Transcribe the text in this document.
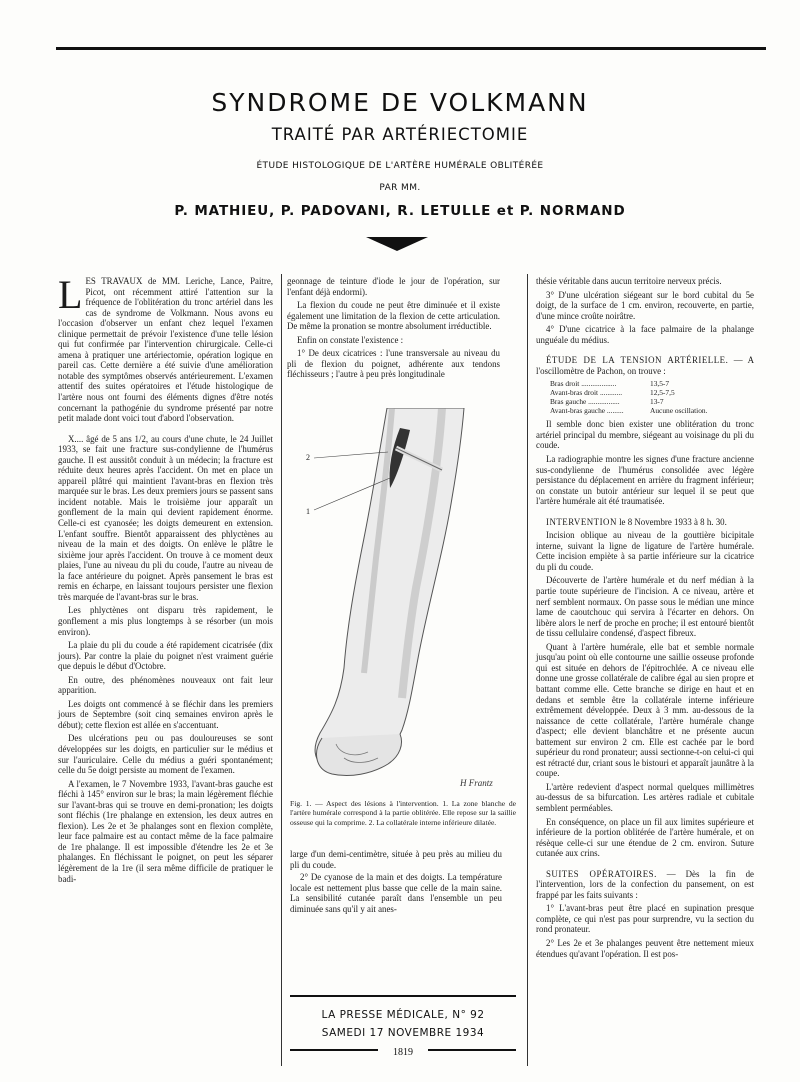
SYNDROME DE VOLKMANN
TRAITÉ PAR ARTÉRIECTOMIE
ÉTUDE HISTOLOGIQUE DE L'ARTÈRE HUMÉRALE OBLITÉRÉE
PAR MM.
P. MATHIEU, P. PADOVANI, R. LETULLE et P. NORMAND

LES TRAVAUX de MM. Leriche, Lance, Paitre, Picot, ont récemment attiré l'attention sur la fréquence de l'oblitération du tronc artériel dans les cas de syndrome de Volkmann. Nous avons eu l'occasion d'observer un enfant chez lequel l'examen clinique permettait de prévoir l'existence d'une telle lésion qui fut confirmée par l'intervention chirurgicale. Celle-ci amena à pratiquer une artériectomie, opération logique en pareil cas. Cette dernière a été suivie d'une amélioration notable des symptômes observés antérieurement. L'examen attentif des suites opératoires et l'étude histologique de l'artère nous ont fourni des éléments dignes d'être notés concernant la pathogénie du syndrome présenté par notre petit malade dont voici tout d'abord l'observation.

X.... âgé de 5 ans 1/2, au cours d'une chute, le 24 Juillet 1933, se fait une fracture sus-condylienne de l'humérus gauche. Il est aussitôt conduit à un médecin; la fracture est réduite deux heures après l'accident. On met en place un appareil plâtré qui maintient l'avant-bras en flexion très marquée sur le bras. Les deux premiers jours se passent sans incident notable. Mais le troisième jour apparaît un gonflement de la main qui devient rapidement énorme. Celle-ci est cyanosée; les doigts demeurent en extension. L'enfant souffre. Bientôt apparaissent des phlyctènes au niveau de la main et des doigts. On enlève le plâtre le sixième jour après l'accident. On trouve à ce moment deux plaies, l'une au niveau du pli du coude, l'autre au niveau de la face antérieure du poignet. Après pansement le bras est remis en écharpe, en laissant toujours persister une flexion très marquée de l'avant-bras sur le bras.

Les phlyctènes ont disparu très rapidement, le gonflement a mis plus longtemps à se résorber (un mois environ).

La plaie du pli du coude a été rapidement cicatrisée (dix jours). Par contre la plaie du poignet n'est vraiment guérie que depuis le début d'Octobre.

En outre, des phénomènes nouveaux ont fait leur apparition.

Les doigts ont commencé à se fléchir dans les premiers jours de Septembre (soit cinq semaines environ après le début); cette flexion est allée en s'accentuant.

Des ulcérations peu ou pas douloureuses se sont développées sur les doigts, en particulier sur le médius et sur l'auriculaire. Celle du médius a guéri spontanément; celle du 5e doigt persiste au moment de l'examen.

A l'examen, le 7 Novembre 1933, l'avant-bras gauche est fléchi à 145° environ sur le bras; la main légèrement fléchie sur l'avant-bras qui se trouve en demi-pronation; les doigts sont fléchis (1re phalange en extension, les deux autres en flexion). Les 2e et 3e phalanges sont en flexion complète, leur face palmaire est au contact même de la face palmaire de 1re phalange. Il est impossible d'étendre les 2e et 3e phalanges. En fléchissant le poignet, on peut les séparer légèrement de la 1re (il sera même difficile de pratiquer le badi-

geonnage de teinture d'iode le jour de l'opération, sur l'enfant déjà endormi).

La flexion du coude ne peut être diminuée et il existe également une limitation de la flexion de cette articulation. De même la pronation se montre absolument irréductible.

Enfin on constate l'existence :

1° De deux cicatrices : l'une transversale au niveau du pli de flexion du poignet, adhérente aux tendons fléchisseurs ; l'autre à peu près longitudinale

2
1
H Frantz
Fig. 1. — Aspect des lésions à l'intervention. 1. La zone blanche de l'artère humérale correspond à la partie oblitérée. Elle repose sur la saillie osseuse qui la comprime. 2. La collatérale interne inférieure dilatée.

large d'un demi-centimètre, située à peu près au milieu du pli du coude.

2° De cyanose de la main et des doigts. La température locale est nettement plus basse que celle de la main saine. La sensibilité cutanée paraît dans l'ensemble un peu diminuée sans qu'il y ait anes-

LA PRESSE MÉDICALE, N° 92
SAMEDI 17 NOVEMBRE 1934
1819

thésie véritable dans aucun territoire nerveux précis.

3° D'une ulcération siégeant sur le bord cubital du 5e doigt, de la surface de 1 cm. environ, recouverte, en partie, d'une mince croûte noirâtre.

4° D'une cicatrice à la face palmaire de la phalange unguéale du médius.

ÉTUDE DE LA TENSION ARTÉRIELLE. — A l'oscillomètre de Pachon, on trouve :

Bras droit ...................	13,5-7
Avant-bras droit ............	12,5-7,5
Bras gauche .................	13-7
Avant-bras gauche .........	Aucune oscillation.

Il semble donc bien exister une oblitération du tronc artériel principal du membre, siégeant au voisinage du pli du coude.

La radiographie montre les signes d'une fracture ancienne sus-condylienne de l'humérus consolidée avec légère persistance du déplacement en arrière du fragment inférieur; on constate un butoir antérieur sur lequel il se peut que l'artère humérale ait été traumatisée.

INTERVENTION le 8 Novembre 1933 à 8 h. 30.

Incision oblique au niveau de la gouttière bicipitale interne, suivant la ligne de ligature de l'artère humérale. Cette incision empiète à sa partie inférieure sur la cicatrice du pli du coude.

Découverte de l'artère humérale et du nerf médian à la partie toute supérieure de l'incision. A ce niveau, artère et nerf semblent normaux. On passe sous le médian une mince lame de caoutchouc qui servira à l'écarter en dehors. On libère alors le nerf de proche en proche; il est entouré bientôt de tissu cellulaire condensé, d'aspect fibreux.

Quant à l'artère humérale, elle bat et semble normale jusqu'au point où elle contourne une saillie osseuse profonde qui est située en dehors de l'épitrochlée. A ce niveau elle donne une grosse collatérale de calibre égal au sien propre et battant comme elle. Cette branche se dirige en haut et en dedans et semble être la collatérale interne inférieure extrêmement développée. Deux à 3 mm. au-dessous de la naissance de cette collatérale, l'artère humérale change d'aspect; elle devient blanchâtre et ne présente aucun battement sur environ 2 cm. Elle est cachée par le bord supérieur du rond pronateur; aussi sectionne-t-on celui-ci qui est rétracté dur, criant sous le bistouri et apparaît jaunâtre à la coupe.

L'artère redevient d'aspect normal quelques millimètres au-dessus de sa bifurcation. Les artères radiale et cubitale semblent perméables.

En conséquence, on place un fil aux limites supérieure et inférieure de la portion oblitérée de l'artère humérale, et on résèque celle-ci sur une étendue de 2 cm. environ. Suture cutanée aux crins.

SUITES OPÉRATOIRES. — Dès la fin de l'intervention, lors de la confection du pansement, on est frappé par les faits suivants :

1° L'avant-bras peut être placé en supination presque complète, ce qui n'est pas pour surprendre, vu la section du rond pronateur.

2° Les 2e et 3e phalanges peuvent être nettement mieux étendues qu'avant l'opération. Il est pos-
